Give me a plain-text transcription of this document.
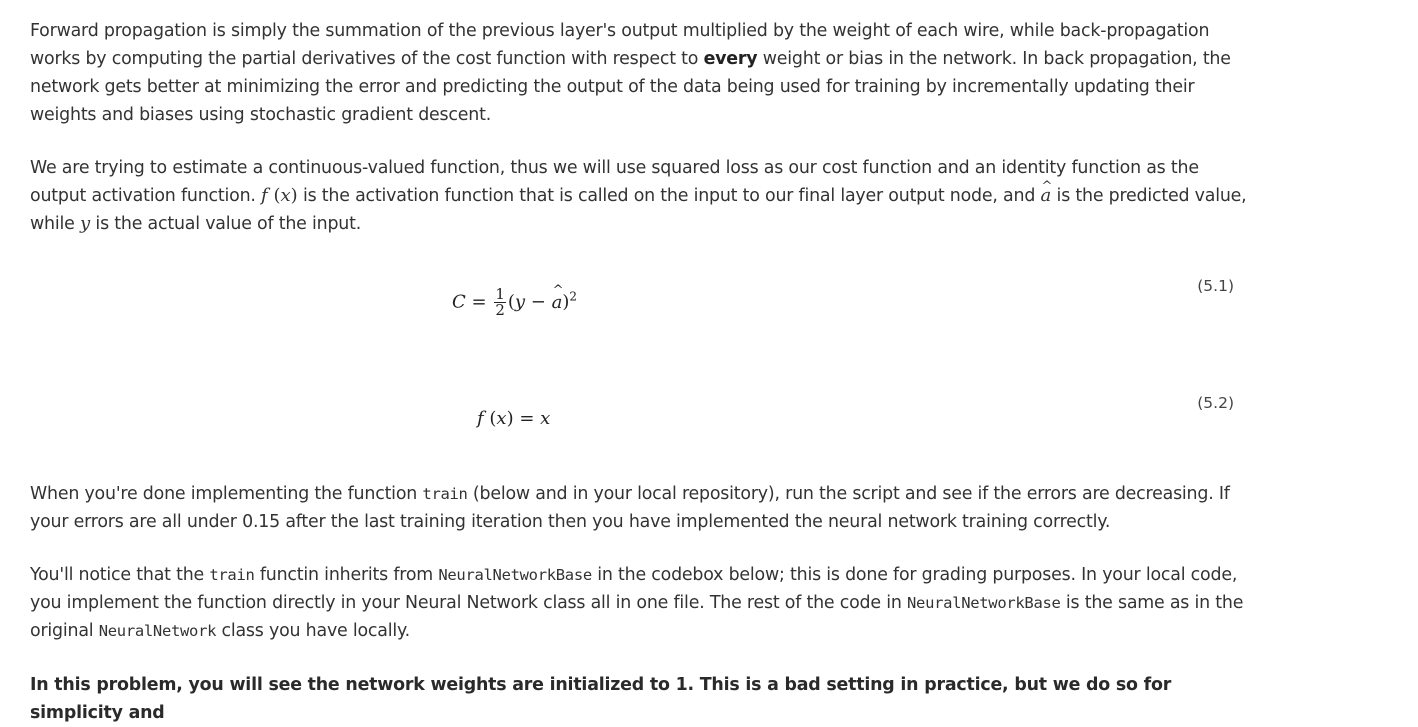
Forward propagation is simply the summation of the previous layer's output multiplied by the weight of each wire, while back-propagation works by computing the partial derivatives of the cost function with respect to every weight or bias in the network. In back propagation, the network gets better at minimizing the error and predicting the output of the data being used for training by incrementally updating their weights and biases using stochastic gradient descent.

We are trying to estimate a continuous-valued function, thus we will use squared loss as our cost function and an identity function as the output activation function. f (x) is the activation function that is called on the input to our final layer output node, and ^ a is the predicted value, while y is the actual value of the input.

$C = \frac{1}{2} (y$ − ^ a)$^2$
(5.1)
f (x) = x
(5.2)

When you're done implementing the function train (below and in your local repository), run the script and see if the errors are decreasing. If your errors are all under 0.15 after the last training iteration then you have implemented the neural network training correctly.

You'll notice that the train functin inherits from NeuralNetworkBase in the codebox below; this is done for grading purposes. In your local code, you implement the function directly in your Neural Network class all in one file. The rest of the code in NeuralNetworkBase is the same as in the original NeuralNetwork class you have locally.

In this problem, you will see the network weights are initialized to 1. This is a bad setting in practice, but we do so for simplicity and
